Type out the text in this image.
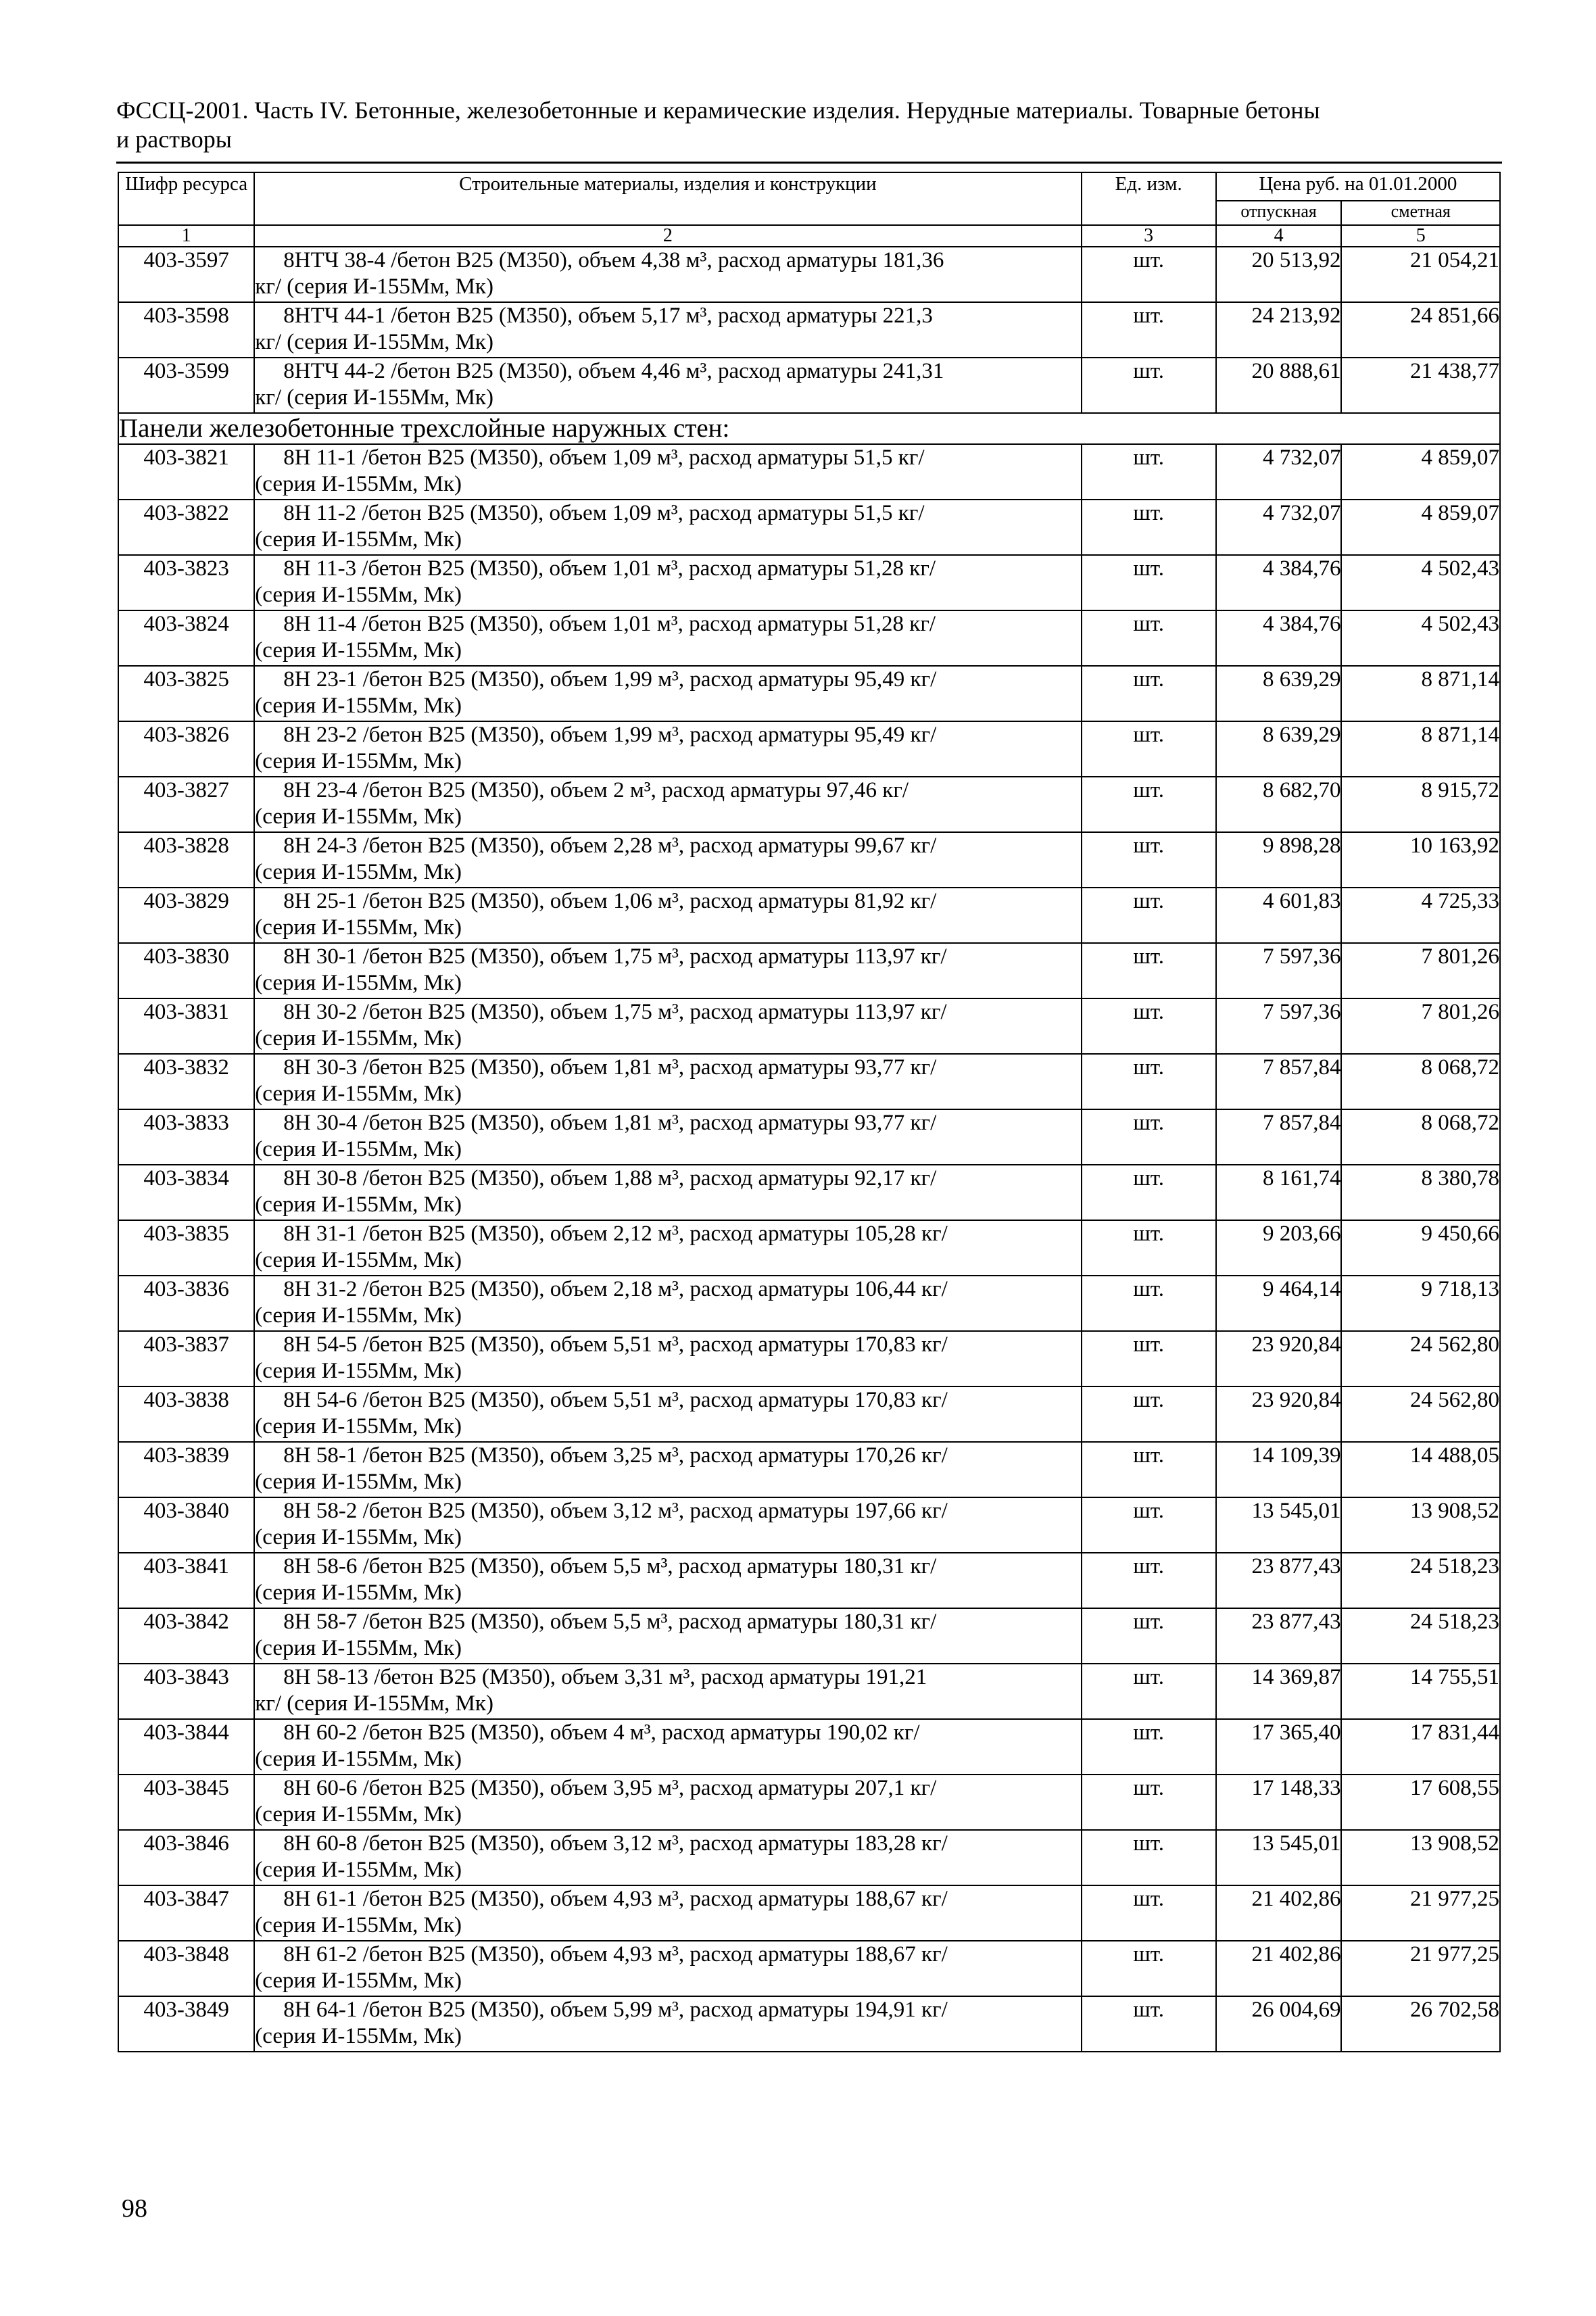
ФССЦ-2001. Часть IV. Бетонные, железобетонные и керамические изделия. Нерудные материалы. Товарные бетоны
и растворы
Шифр ресурса	Строительные материалы, изделия и конструкции	Ед. изм.	Цена руб. на 01.01.2000	
			отпускная	сметная
1	2	3	4	5
403-3597	8НТЧ 38-4 /бетон В25 (М350), объем 4,38 м³, расход арматуры 181,36
кг/ (серия И-155Мм, Мк)	шт.	20 513,92	21 054,21
403-3598	8НТЧ 44-1 /бетон В25 (М350), объем 5,17 м³, расход арматуры 221,3
кг/ (серия И-155Мм, Мк)	шт.	24 213,92	24 851,66
403-3599	8НТЧ 44-2 /бетон В25 (М350), объем 4,46 м³, расход арматуры 241,31
кг/ (серия И-155Мм, Мк)	шт.	20 888,61	21 438,77
Панели железобетонные трехслойные наружных стен:				
403-3821	8Н 11-1 /бетон В25 (М350), объем 1,09 м³, расход арматуры 51,5 кг/
(серия И-155Мм, Мк)	шт.	4 732,07	4 859,07
403-3822	8Н 11-2 /бетон В25 (М350), объем 1,09 м³, расход арматуры 51,5 кг/
(серия И-155Мм, Мк)	шт.	4 732,07	4 859,07
403-3823	8Н 11-3 /бетон В25 (М350), объем 1,01 м³, расход арматуры 51,28 кг/
(серия И-155Мм, Мк)	шт.	4 384,76	4 502,43
403-3824	8Н 11-4 /бетон В25 (М350), объем 1,01 м³, расход арматуры 51,28 кг/
(серия И-155Мм, Мк)	шт.	4 384,76	4 502,43
403-3825	8Н 23-1 /бетон В25 (М350), объем 1,99 м³, расход арматуры 95,49 кг/
(серия И-155Мм, Мк)	шт.	8 639,29	8 871,14
403-3826	8Н 23-2 /бетон В25 (М350), объем 1,99 м³, расход арматуры 95,49 кг/
(серия И-155Мм, Мк)	шт.	8 639,29	8 871,14
403-3827	8Н 23-4 /бетон В25 (М350), объем 2 м³, расход арматуры 97,46 кг/
(серия И-155Мм, Мк)	шт.	8 682,70	8 915,72
403-3828	8Н 24-3 /бетон В25 (М350), объем 2,28 м³, расход арматуры 99,67 кг/
(серия И-155Мм, Мк)	шт.	9 898,28	10 163,92
403-3829	8Н 25-1 /бетон В25 (М350), объем 1,06 м³, расход арматуры 81,92 кг/
(серия И-155Мм, Мк)	шт.	4 601,83	4 725,33
403-3830	8Н 30-1 /бетон В25 (М350), объем 1,75 м³, расход арматуры 113,97 кг/
(серия И-155Мм, Мк)	шт.	7 597,36	7 801,26
403-3831	8Н 30-2 /бетон В25 (М350), объем 1,75 м³, расход арматуры 113,97 кг/
(серия И-155Мм, Мк)	шт.	7 597,36	7 801,26
403-3832	8Н 30-3 /бетон В25 (М350), объем 1,81 м³, расход арматуры 93,77 кг/
(серия И-155Мм, Мк)	шт.	7 857,84	8 068,72
403-3833	8Н 30-4 /бетон В25 (М350), объем 1,81 м³, расход арматуры 93,77 кг/
(серия И-155Мм, Мк)	шт.	7 857,84	8 068,72
403-3834	8Н 30-8 /бетон В25 (М350), объем 1,88 м³, расход арматуры 92,17 кг/
(серия И-155Мм, Мк)	шт.	8 161,74	8 380,78
403-3835	8Н 31-1 /бетон В25 (М350), объем 2,12 м³, расход арматуры 105,28 кг/
(серия И-155Мм, Мк)	шт.	9 203,66	9 450,66
403-3836	8Н 31-2 /бетон В25 (М350), объем 2,18 м³, расход арматуры 106,44 кг/
(серия И-155Мм, Мк)	шт.	9 464,14	9 718,13
403-3837	8Н 54-5 /бетон В25 (М350), объем 5,51 м³, расход арматуры 170,83 кг/
(серия И-155Мм, Мк)	шт.	23 920,84	24 562,80
403-3838	8Н 54-6 /бетон В25 (М350), объем 5,51 м³, расход арматуры 170,83 кг/
(серия И-155Мм, Мк)	шт.	23 920,84	24 562,80
403-3839	8Н 58-1 /бетон В25 (М350), объем 3,25 м³, расход арматуры 170,26 кг/
(серия И-155Мм, Мк)	шт.	14 109,39	14 488,05
403-3840	8Н 58-2 /бетон В25 (М350), объем 3,12 м³, расход арматуры 197,66 кг/
(серия И-155Мм, Мк)	шт.	13 545,01	13 908,52
403-3841	8Н 58-6 /бетон В25 (М350), объем 5,5 м³, расход арматуры 180,31 кг/
(серия И-155Мм, Мк)	шт.	23 877,43	24 518,23
403-3842	8Н 58-7 /бетон В25 (М350), объем 5,5 м³, расход арматуры 180,31 кг/
(серия И-155Мм, Мк)	шт.	23 877,43	24 518,23
403-3843	8Н 58-13 /бетон В25 (М350), объем 3,31 м³, расход арматуры 191,21
кг/ (серия И-155Мм, Мк)	шт.	14 369,87	14 755,51
403-3844	8Н 60-2 /бетон В25 (М350), объем 4 м³, расход арматуры 190,02 кг/
(серия И-155Мм, Мк)	шт.	17 365,40	17 831,44
403-3845	8Н 60-6 /бетон В25 (М350), объем 3,95 м³, расход арматуры 207,1 кг/
(серия И-155Мм, Мк)	шт.	17 148,33	17 608,55
403-3846	8Н 60-8 /бетон В25 (М350), объем 3,12 м³, расход арматуры 183,28 кг/
(серия И-155Мм, Мк)	шт.	13 545,01	13 908,52
403-3847	8Н 61-1 /бетон В25 (М350), объем 4,93 м³, расход арматуры 188,67 кг/
(серия И-155Мм, Мк)	шт.	21 402,86	21 977,25
403-3848	8Н 61-2 /бетон В25 (М350), объем 4,93 м³, расход арматуры 188,67 кг/
(серия И-155Мм, Мк)	шт.	21 402,86	21 977,25
403-3849	8Н 64-1 /бетон В25 (М350), объем 5,99 м³, расход арматуры 194,91 кг/
(серия И-155Мм, Мк)	шт.	26 004,69	26 702,58
98
